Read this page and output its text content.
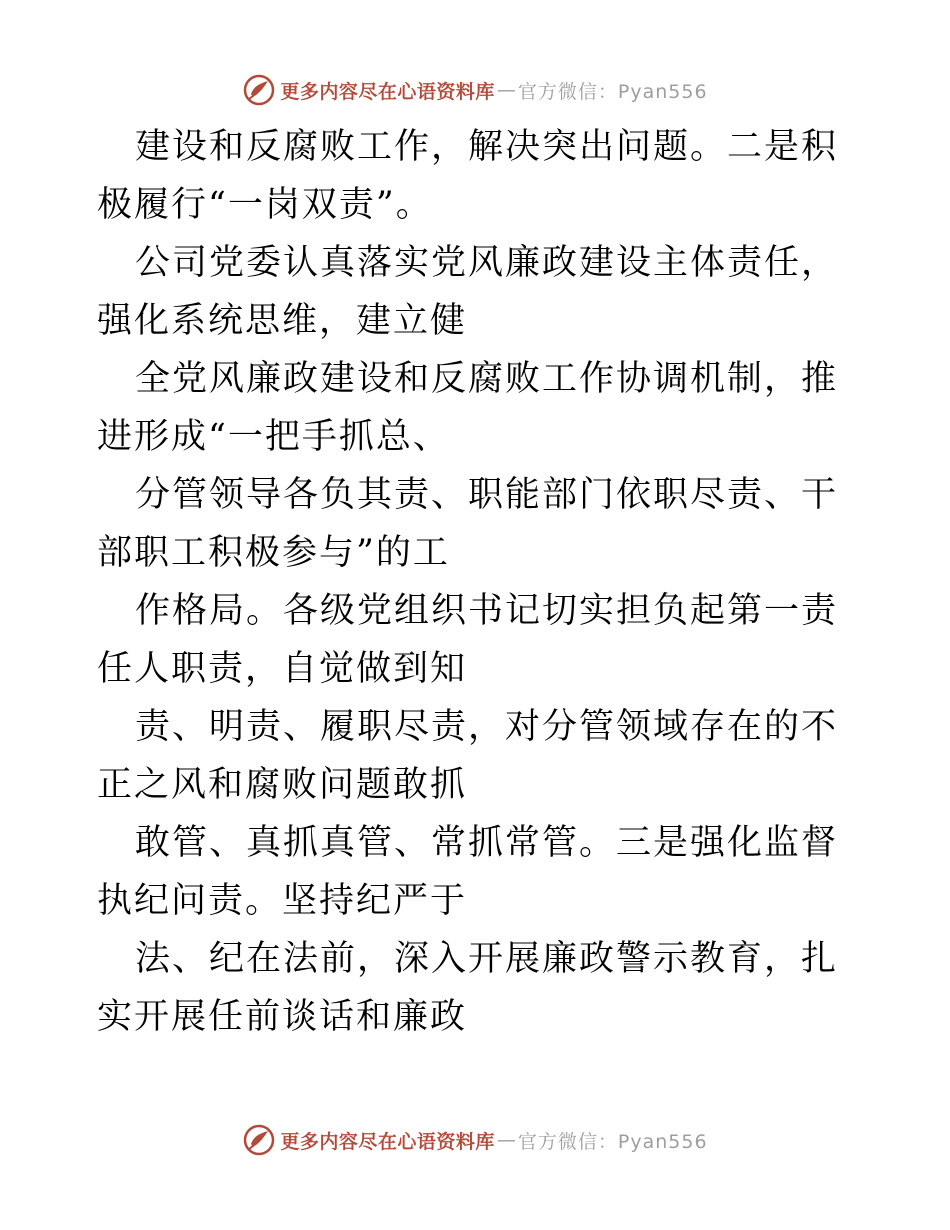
更多内容尽在心语资料库 — 官方微信：Pyan556

建设和反腐败工作，解决突出问题。二是积极履行“一岗双责”。

公司党委认真落实党风廉政建设主体责任，强化系统思维，建立健

全党风廉政建设和反腐败工作协调机制，推进形成“一把手抓总、

分管领导各负其责、职能部门依职尽责、干部职工积极参与”的工

作格局。各级党组织书记切实担负起第一责任人职责，自觉做到知

责、明责、履职尽责，对分管领域存在的不正之风和腐败问题敢抓

敢管、真抓真管、常抓常管。三是强化监督执纪问责。坚持纪严于

法、纪在法前，深入开展廉政警示教育，扎实开展任前谈话和廉政

更多内容尽在心语资料库 — 官方微信：Pyan556
